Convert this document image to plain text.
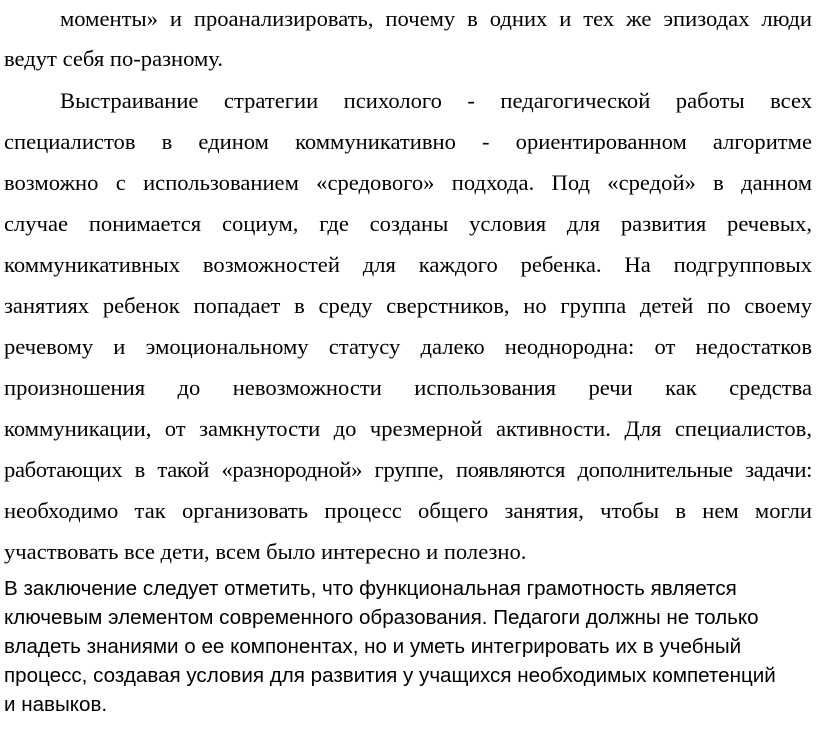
моменты» и проанализировать, почему в одних и тех же эпизодах люди
ведут себя по-разному.
Выстраивание стратегии психолого - педагогической работы всех
специалистов в едином коммуникативно - ориентированном алгоритме
возможно с использованием «средового» подхода. Под «средой» в данном
случае понимается социум, где созданы условия для развития речевых,
коммуникативных возможностей для каждого ребенка. На подгрупповых
занятиях ребенок попадает в среду сверстников, но группа детей по своему
речевому и эмоциональному статусу далеко неоднородна: от недостатков
произношения до невозможности использования речи как средства
коммуникации, от замкнутости до чрезмерной активности. Для специалистов,
работающих в такой «разнородной» группе, появляются дополнительные задачи:
необходимо так организовать процесс общего занятия, чтобы в нем могли
участвовать все дети, всем было интересно и полезно.
В заключение следует отметить, что функциональная грамотность является
ключевым элементом современного образования. Педагоги должны не только
владеть знаниями о ее компонентах, но и уметь интегрировать их в учебный
процесс, создавая условия для развития у учащихся необходимых компетенций
и навыков.
